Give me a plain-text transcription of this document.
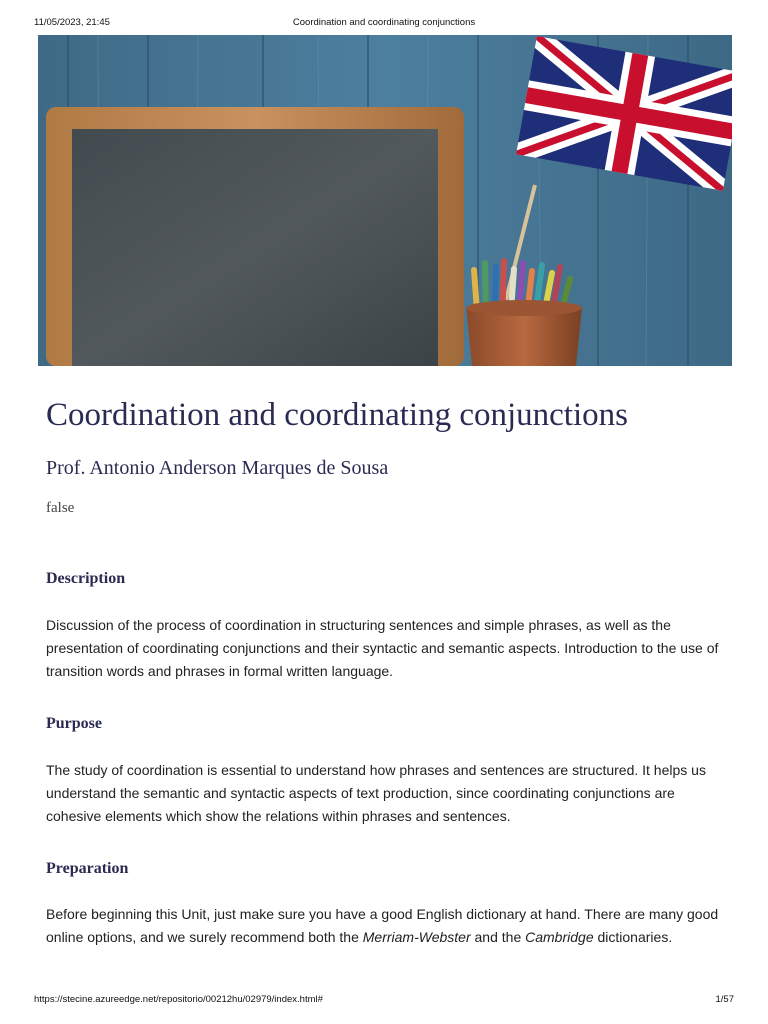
11/05/2023, 21:45	Coordination and coordinating conjunctions
Coordination and coordinating conjunctions

Prof. Antonio Anderson Marques de Sousa

false

Description

Discussion of the process of coordination in structuring sentences and simple phrases, as well as the presentation of coordinating conjunctions and their syntactic and semantic aspects. Introduction to the use of transition words and phrases in formal written language.

Purpose

The study of coordination is essential to understand how phrases and sentences are structured. It helps us understand the semantic and syntactic aspects of text production, since coordinating conjunctions are cohesive elements which show the relations within phrases and sentences.

Preparation

Before beginning this Unit, just make sure you have a good English dictionary at hand. There are many good online options, and we surely recommend both the Merriam-Webster and the Cambridge dictionaries.

https://stecine.azureedge.net/repositorio/00212hu/02979/index.html#	1/57
